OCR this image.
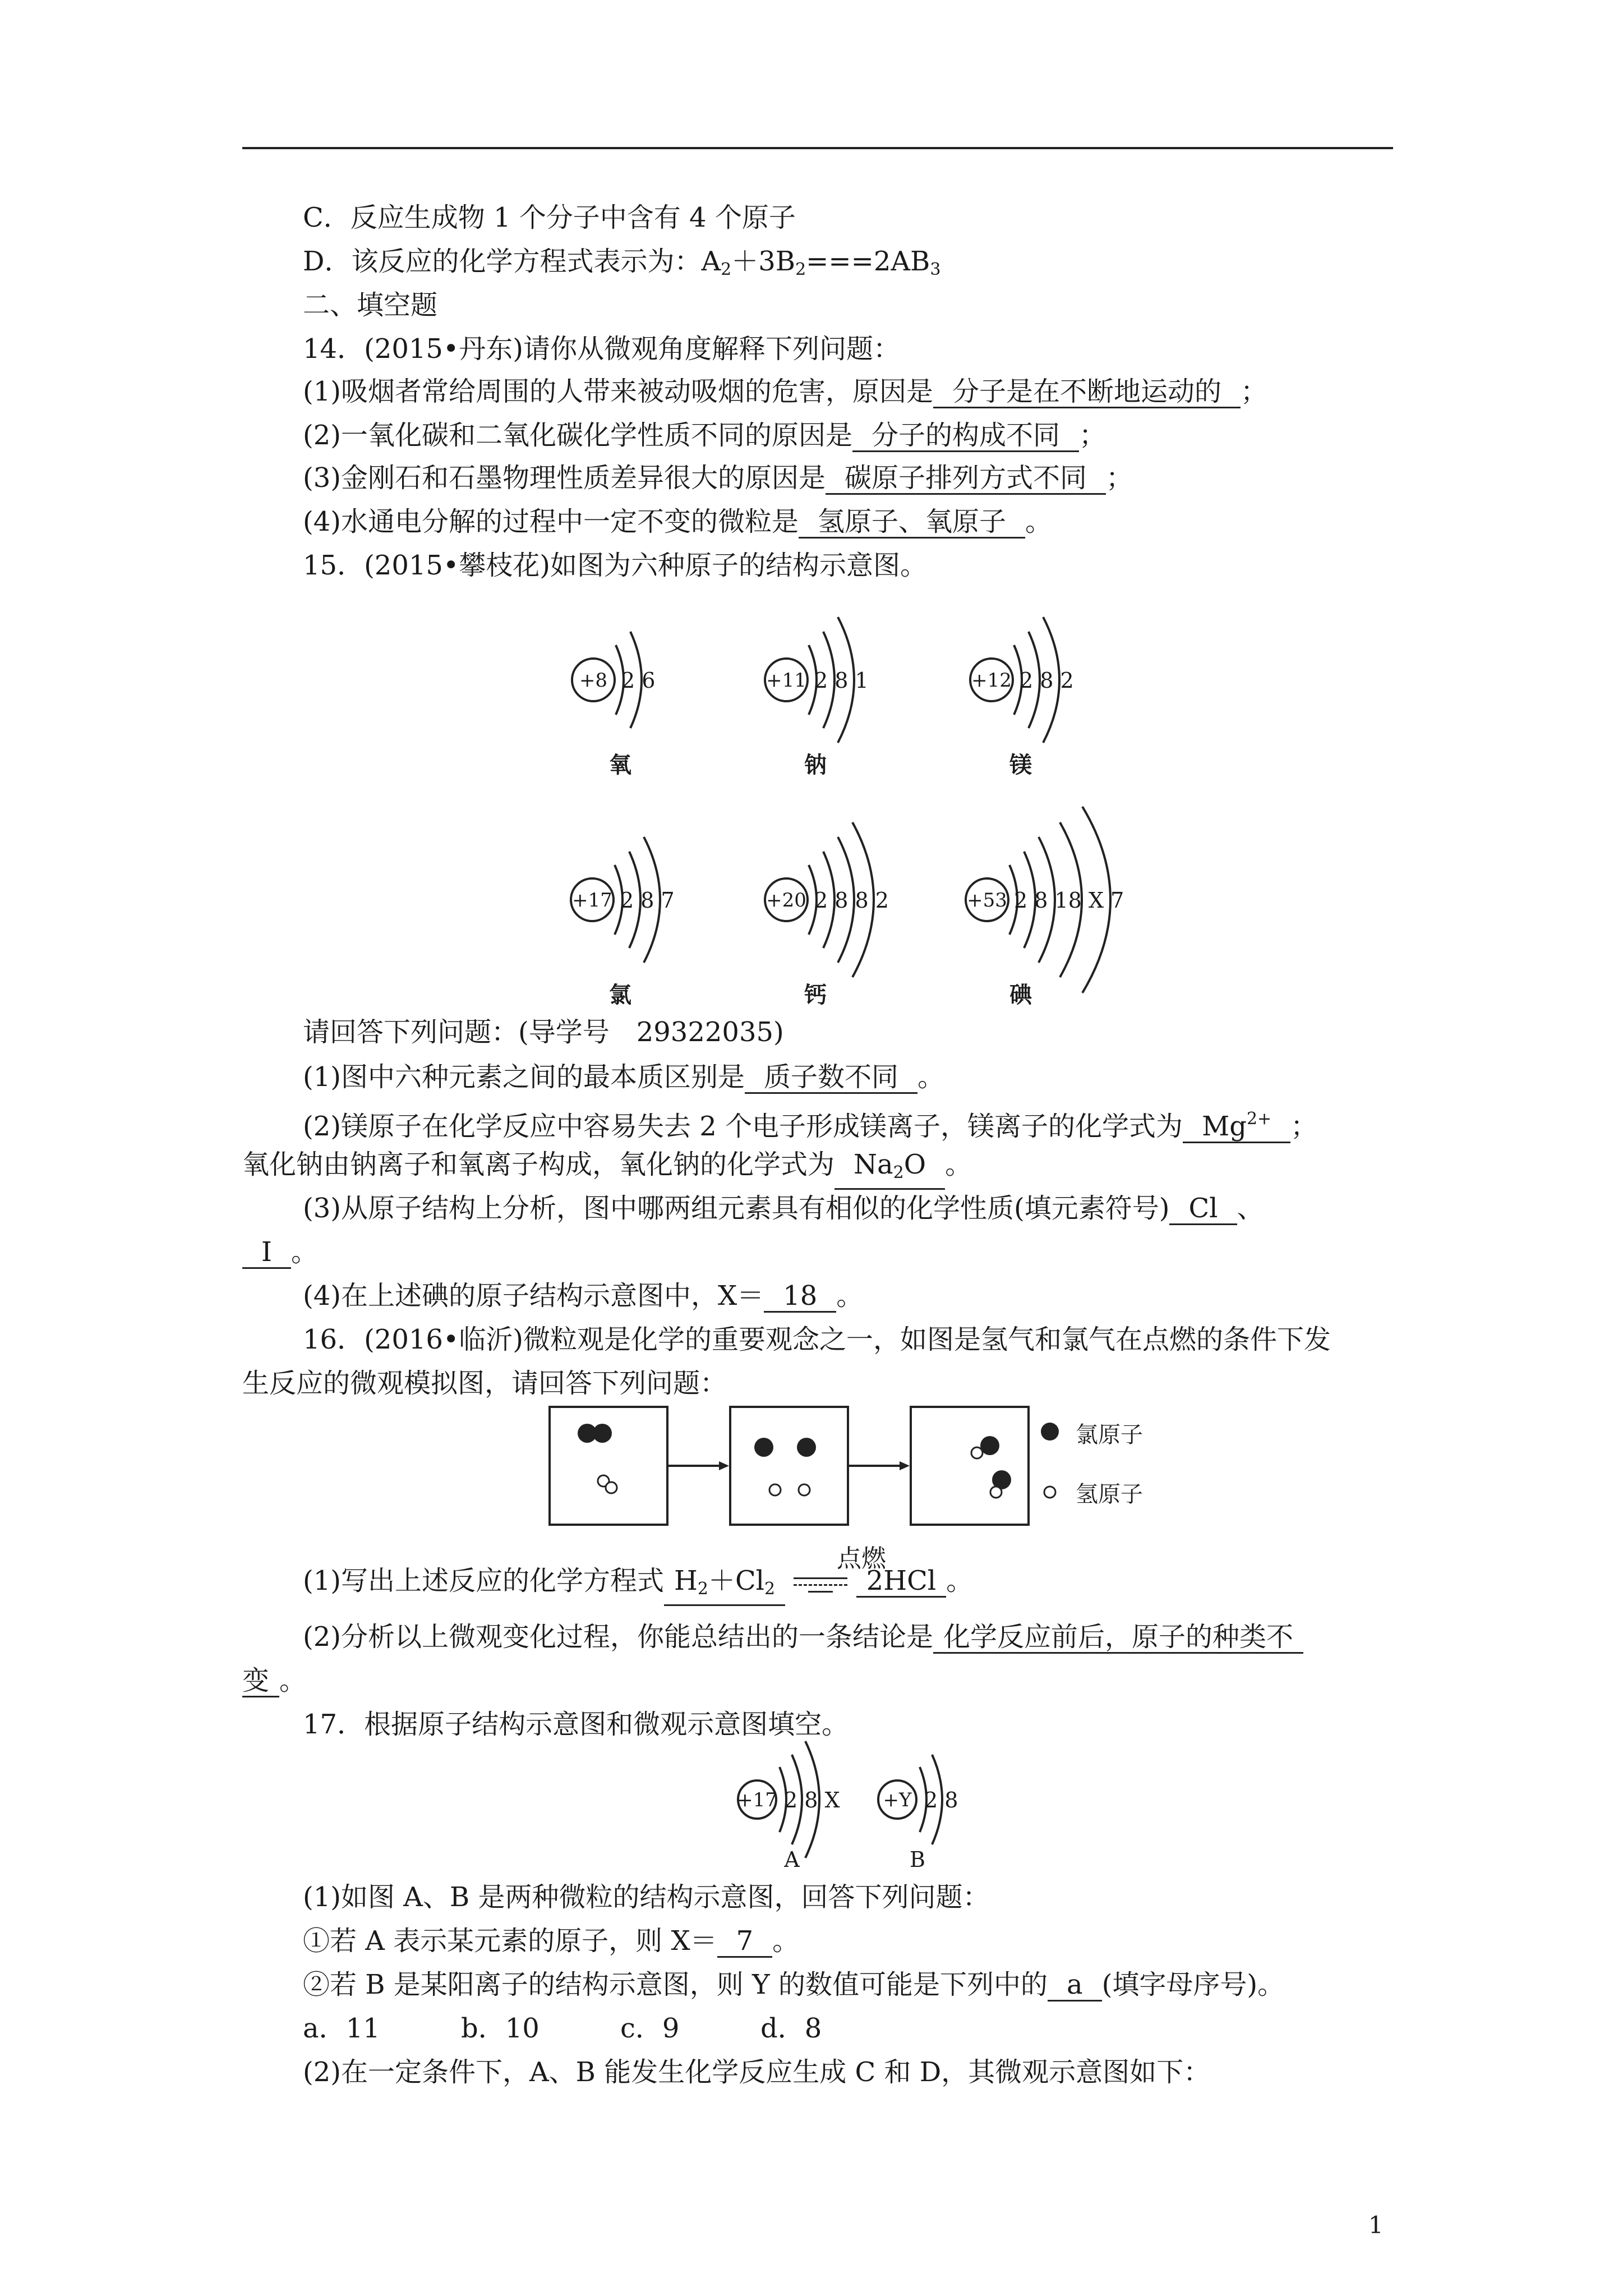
C．反应生成物 1 个分子中含有 4 个原子
D．该反应的化学方程式表示为：$A_2+3B_2===2AB_3$
二、填空题
14．(2015•丹东)请你从微观角度解释下列问题：
(1)吸烟者常给周围的人带来被动吸烟的危害，原因是 分子是在不断地运动的 ；
(2)一氧化碳和二氧化碳化学性质不同的原因是 分子的构成不同 ；
(3)金刚石和石墨物理性质差异很大的原因是 碳原子排列方式不同 ；
(4)水通电分解的过程中一定不变的微粒是 氢原子、氧原子 。
15．(2015•攀枝花)如图为六种原子的结构示意图。
+8	+11	+12
+17	+20	+53
2 6	2 8 1	2 8 2
2 8 7	2 8 8 2	2 8 18 X 7
氧	钠	镁
氯	钙	碘
请回答下列问题：(导学号　29322035)
(1)图中六种元素之间的最本质区别是 质子数不同 。
(2)镁原子在化学反应中容易失去 2 个电子形成镁离子，镁离子的化学式为 $Mg^{2+}$ ；
氧化钠由钠离子和氧离子构成，氧化钠的化学式为 $Na_2O$ 。
(3)从原子结构上分析，图中哪两组元素具有相似的化学性质(填元素符号) Cl 、
I 。
(4)在上述碘的原子结构示意图中，X＝ 18 。
16．(2016•临沂)微粒观是化学的重要观念之一，如图是氢气和氯气在点燃的条件下发
生反应的微观模拟图，请回答下列问题：
氯原子
氢原子
点燃
(1)写出上述反应的化学方程式 $H_2+Cl_2$	2HCl 。
(2)分析以上微观变化过程，你能总结出的一条结论是 化学反应前后，原子的种类不
变 。
17．根据原子结构示意图和微观示意图填空。
+17	+Y
2 8 X	2 8
A	B
(1)如图 A、B 是两种微粒的结构示意图，回答下列问题：
①若 A 表示某元素的原子，则 X＝ 7 。
②若 B 是某阳离子的结构示意图，则 Y 的数值可能是下列中的 a (填字母序号)。
a．11	b．10	c．9	d．8
(2)在一定条件下，A、B 能发生化学反应生成 C 和 D，其微观示意图如下：
1
